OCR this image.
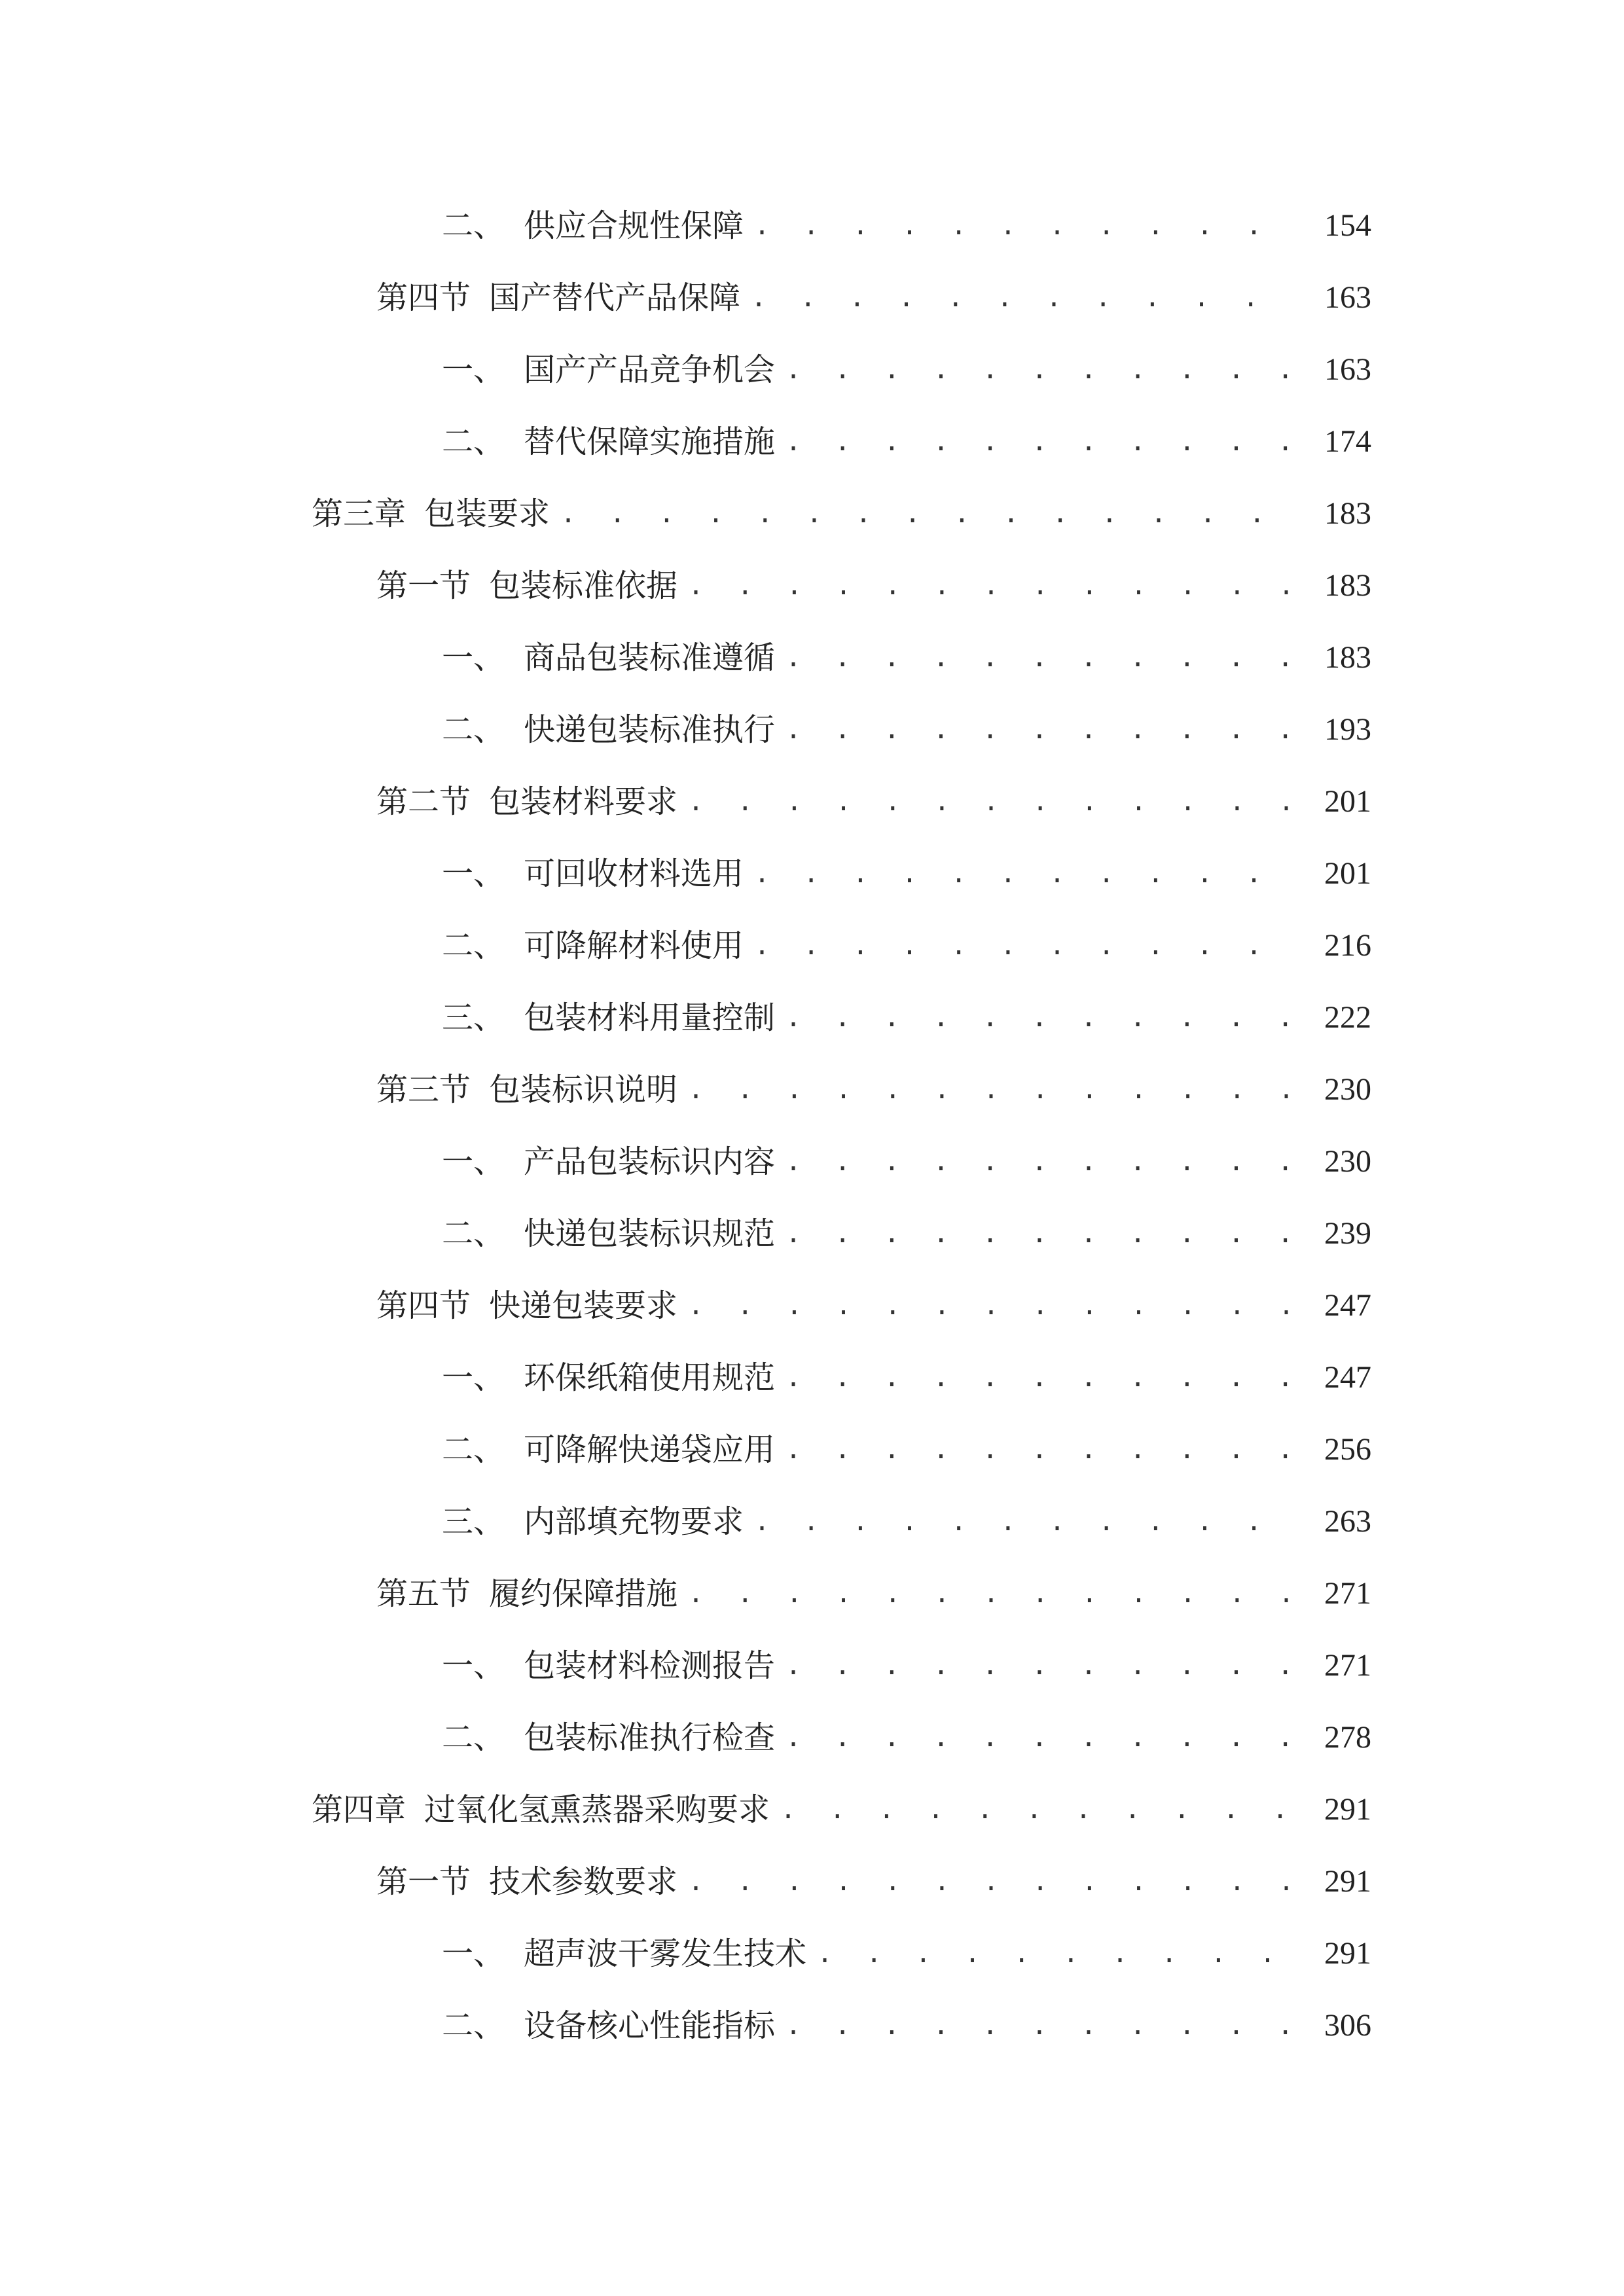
二、 供应合规性保障 . . .	154
第四节 国产替代产品保障 . . .	163
一、 国产产品竞争机会 . . .	163
二、 替代保障实施措施 . . .	174
第三章 包装要求 . . .	183
第一节 包装标准依据 . . .	183
一、 商品包装标准遵循 . . .	183
二、 快递包装标准执行 . . .	193
第二节 包装材料要求 . . .	201
一、 可回收材料选用 . . .	201
二、 可降解材料使用 . . .	216
三、 包装材料用量控制 . . .	222
第三节 包装标识说明 . . .	230
一、 产品包装标识内容 . . .	230
二、 快递包装标识规范 . . .	239
第四节 快递包装要求 . . .	247
一、 环保纸箱使用规范 . . .	247
二、 可降解快递袋应用 . . .	256
三、 内部填充物要求 . . .	263
第五节 履约保障措施 . . .	271
一、 包装材料检测报告 . . .	271
二、 包装标准执行检查 . . .	278
第四章 过氧化氢熏蒸器采购要求 . . .	291
第一节 技术参数要求 . . .	291
一、 超声波干雾发生技术 . . .	291
二、 设备核心性能指标 . . .	306
